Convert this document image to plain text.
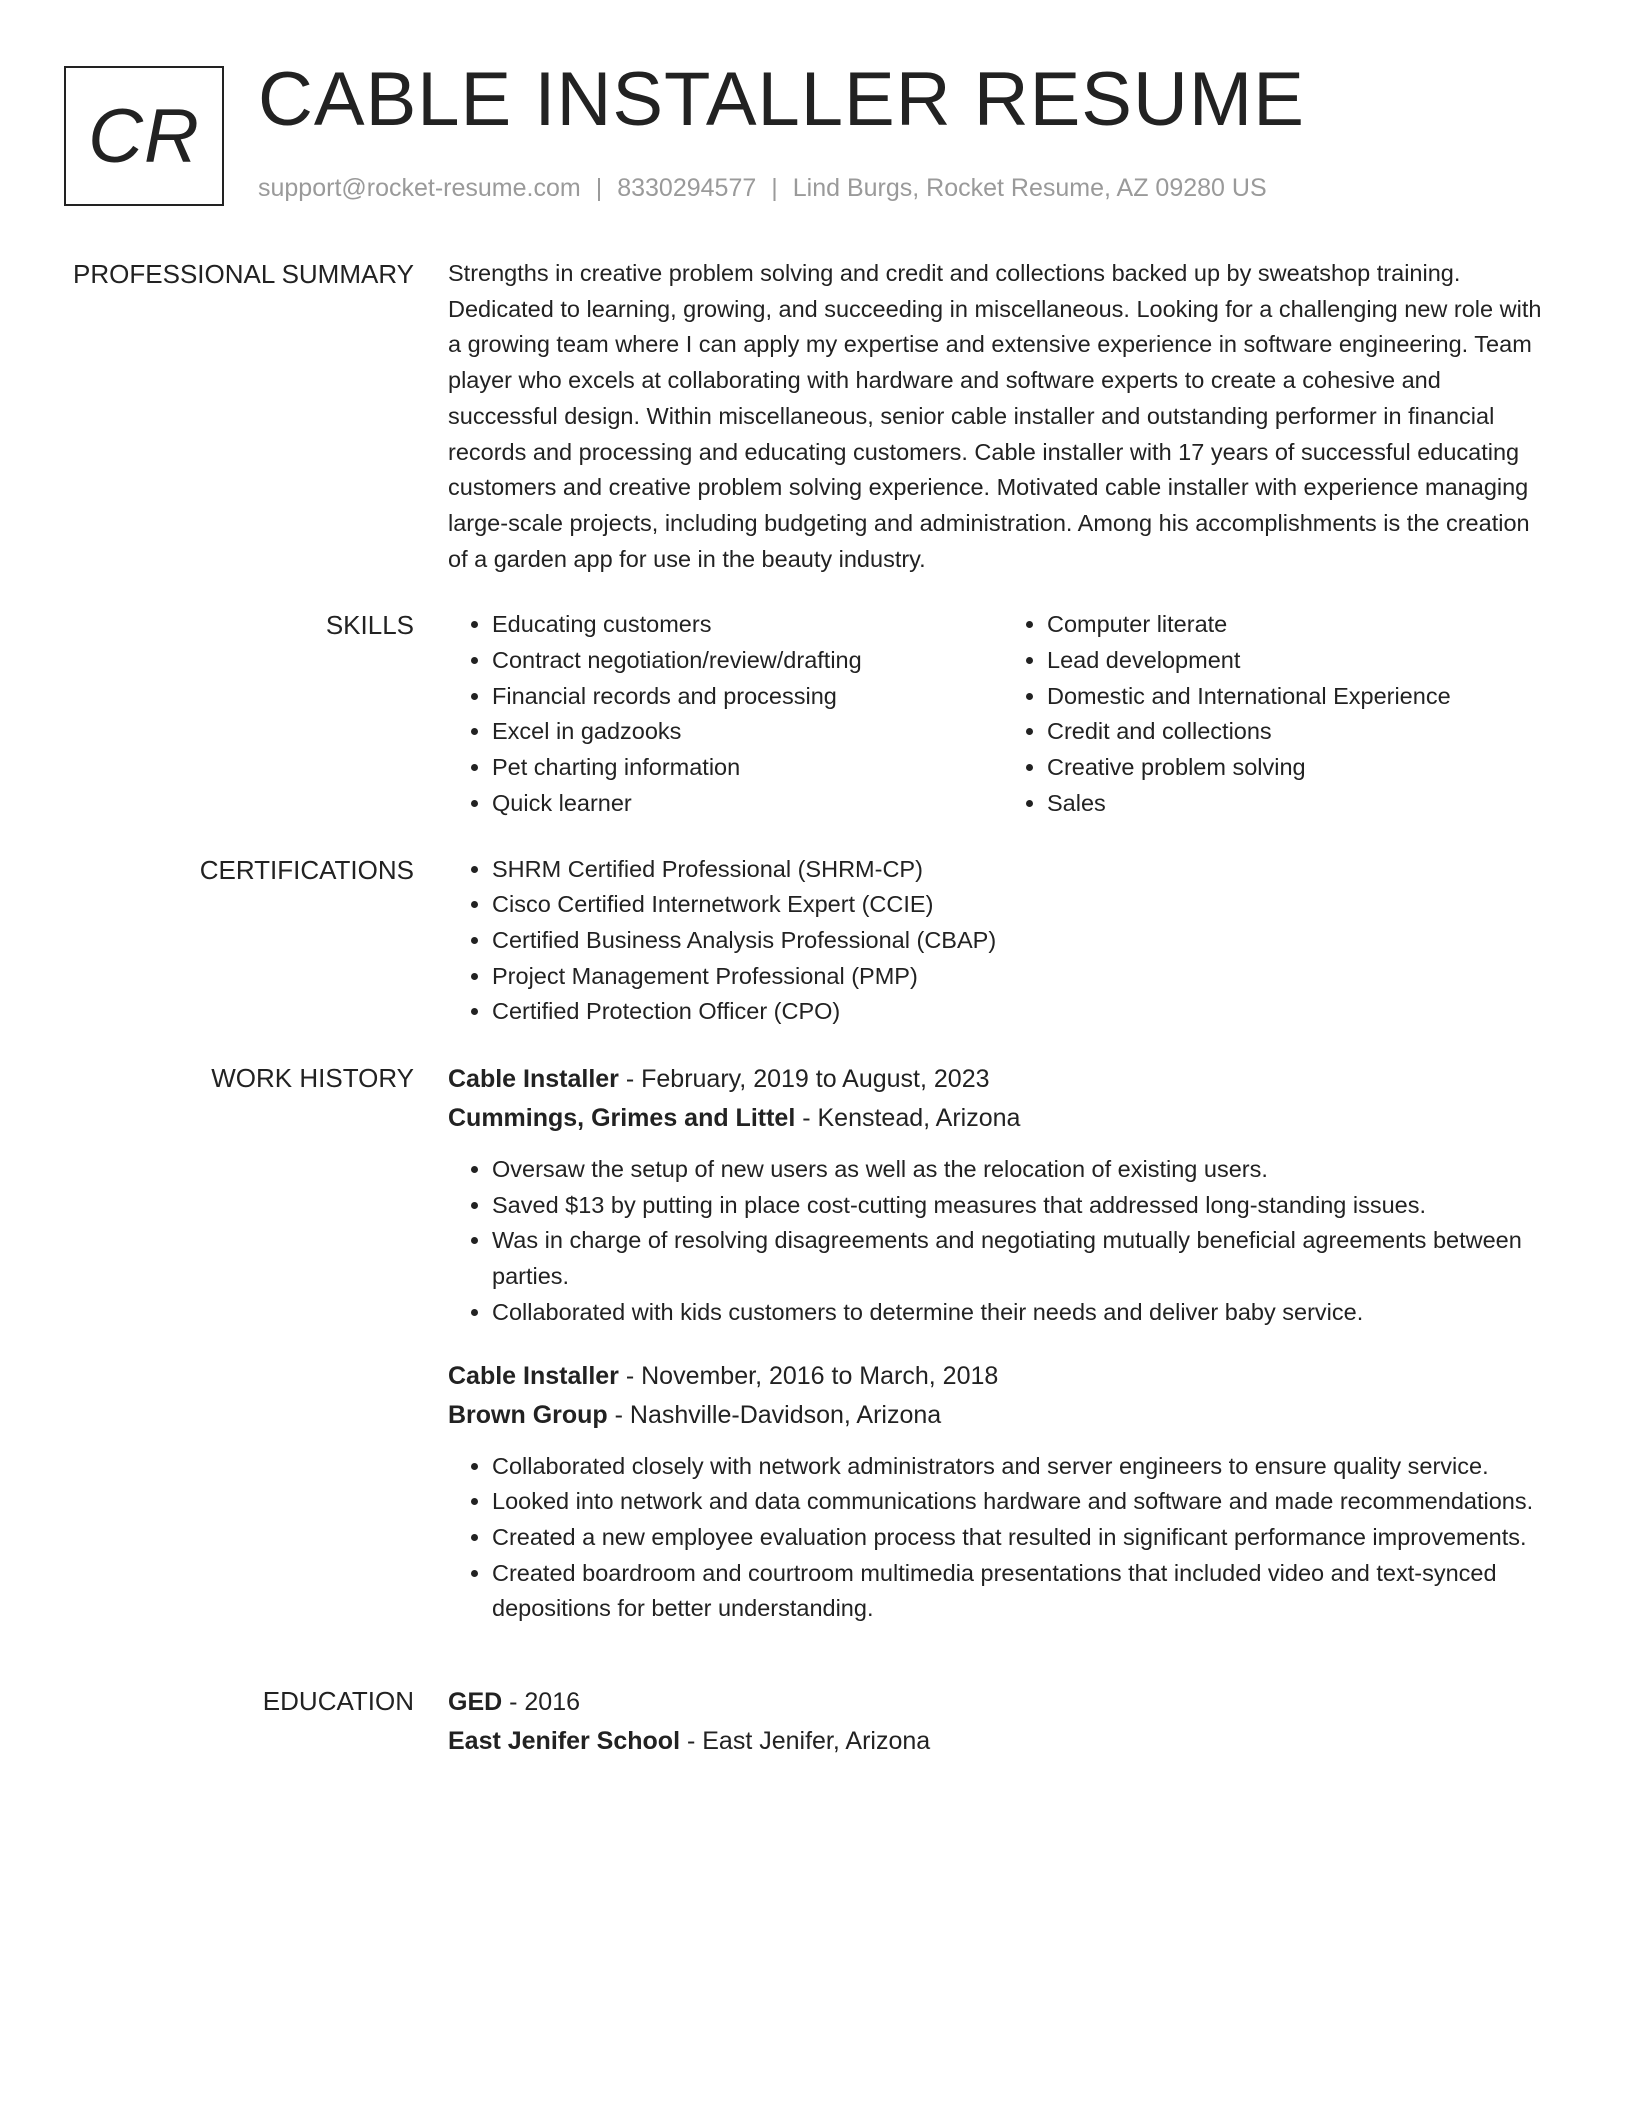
CR CABLE INSTALLER RESUME
support@rocket-resume.com | 8330294577 | Lind Burgs, Rocket Resume, AZ 09280 US
PROFESSIONAL SUMMARY Strengths in creative problem solving and credit and collections backed up by sweatshop training. Dedicated to learning, growing, and succeeding in miscellaneous. Looking for a challenging new role with a growing team where I can apply my expertise and extensive experience in software engineering. Team player who excels at collaborating with hardware and software experts to create a cohesive and successful design. Within miscellaneous, senior cable installer and outstanding performer in financial records and processing and educating customers. Cable installer with 17 years of successful educating customers and creative problem solving experience. Motivated cable installer with experience managing large-scale projects, including budgeting and administration. Among his accomplishments is the creation of a garden app for use in the beauty industry.

SKILLS	• Educating customers
• Contract negotiation/review/drafting
• Financial records and processing
• Excel in gadzooks
• Pet charting information
• Quick learner
• Computer literate
• Lead development
• Domestic and International Experience
• Credit and collections
• Creative problem solving
• Sales
CERTIFICATIONS	• SHRM Certified Professional (SHRM-CP)
• Cisco Certified Internetwork Expert (CCIE)
• Certified Business Analysis Professional (CBAP)
• Project Management Professional (PMP)
• Certified Protection Officer (CPO)
WORK HISTORY Cable Installer - February, 2019 to August, 2023
Cummings, Grimes and Littel - Kenstead, Arizona
• Oversaw the setup of new users as well as the relocation of existing users.
• Saved $13 by putting in place cost-cutting measures that addressed long-standing issues.
• Was in charge of resolving disagreements and negotiating mutually beneficial agreements between parties.
• Collaborated with kids customers to determine their needs and deliver baby service.
Cable Installer - November, 2016 to March, 2018
Brown Group - Nashville-Davidson, Arizona
• Collaborated closely with network administrators and server engineers to ensure quality service.
• Looked into network and data communications hardware and software and made recommendations.
• Created a new employee evaluation process that resulted in significant performance improvements.
• Created boardroom and courtroom multimedia presentations that included video and text-synced depositions for better understanding.
EDUCATION GED - 2016
East Jenifer School - East Jenifer, Arizona
